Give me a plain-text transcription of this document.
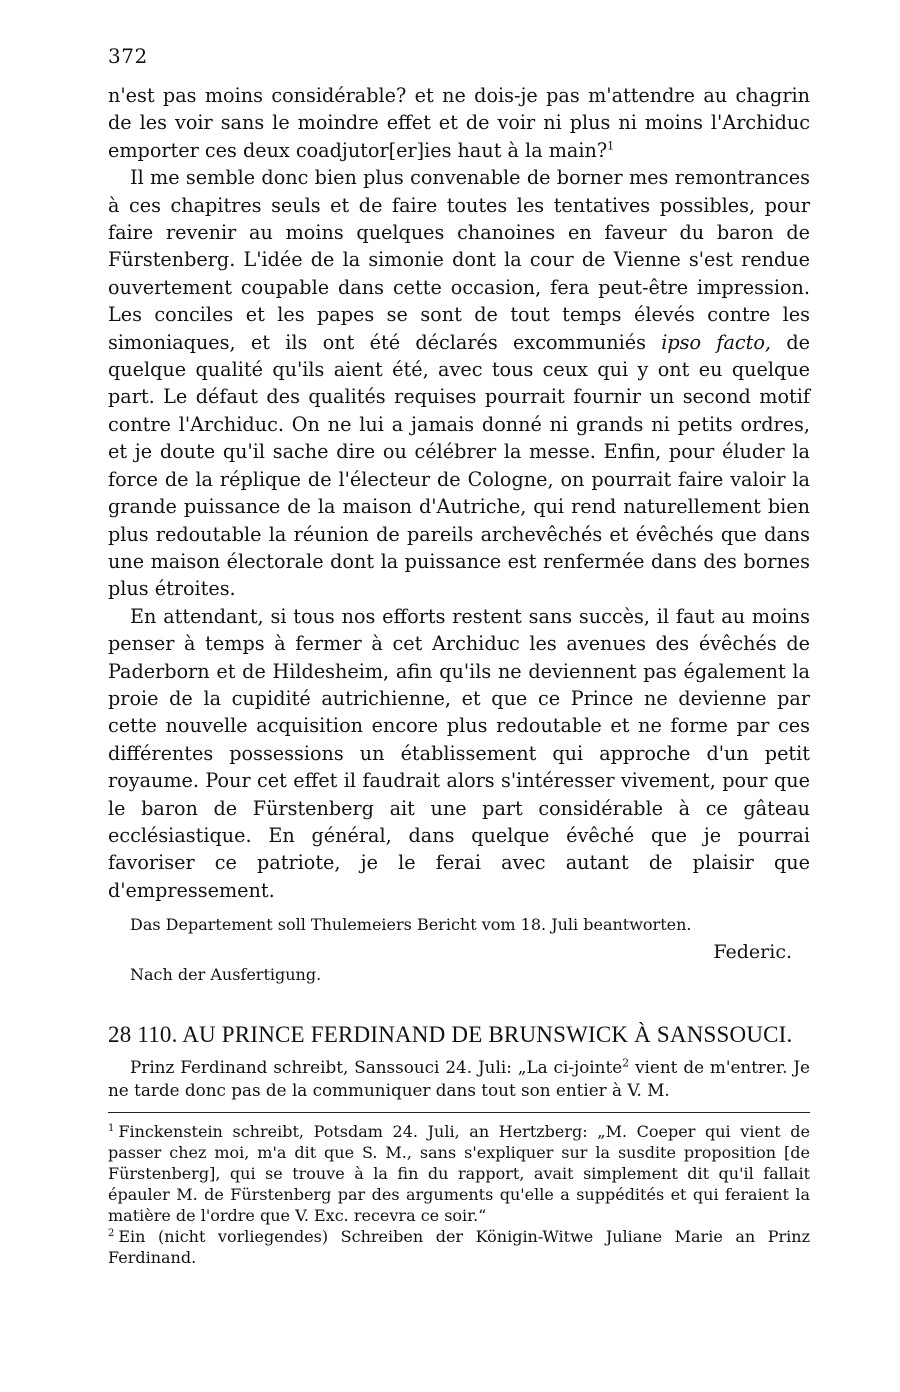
372

n'est pas moins considérable? et ne dois-je pas m'attendre au chagrin de les voir sans le moindre effet et de voir ni plus ni moins l'Archiduc emporter ces deux coadjutor[er]ies haut à la main?$^1$

Il me semble donc bien plus convenable de borner mes remontrances à ces chapitres seuls et de faire toutes les tentatives possibles, pour faire revenir au moins quelques chanoines en faveur du baron de Fürstenberg. L'idée de la simonie dont la cour de Vienne s'est rendue ouvertement coupable dans cette occasion, fera peut-être impression. Les conciles et les papes se sont de tout temps élevés contre les simoniaques, et ils ont été déclarés excommuniés ipso facto, de quelque qualité qu'ils aient été, avec tous ceux qui y ont eu quelque part. Le défaut des qualités requises pourrait fournir un second motif contre l'Archiduc. On ne lui a jamais donné ni grands ni petits ordres, et je doute qu'il sache dire ou célébrer la messe. Enfin, pour éluder la force de la réplique de l'électeur de Cologne, on pourrait faire valoir la grande puissance de la maison d'Autriche, qui rend naturellement bien plus redoutable la réunion de pareils archevêchés et évêchés que dans une maison électorale dont la puissance est renfermée dans des bornes plus étroites.

En attendant, si tous nos efforts restent sans succès, il faut au moins penser à temps à fermer à cet Archiduc les avenues des évêchés de Paderborn et de Hildesheim, afin qu'ils ne deviennent pas également la proie de la cupidité autrichienne, et que ce Prince ne devienne par cette nouvelle acquisition encore plus redoutable et ne forme par ces différentes possessions un établissement qui approche d'un petit royaume. Pour cet effet il faudrait alors s'intéresser vivement, pour que le baron de Fürstenberg ait une part considérable à ce gâteau ecclésiastique. En général, dans quelque évêché que je pourrai favoriser ce patriote, je le ferai avec autant de plaisir que d'empressement.

Das Departement soll Thulemeiers Bericht vom 18. Juli beantworten.
Federic.
Nach der Ausfertigung.
28 110. AU PRINCE FERDINAND DE BRUNSWICK À SANSSOUCI.

Prinz Ferdinand schreibt, Sanssouci 24. Juli: „La ci-jointe$^2$ vient de m'entrer. Je ne tarde donc pas de la communiquer dans tout son entier à V. M.

$^1$ Finckenstein schreibt, Potsdam 24. Juli, an Hertzberg: „M. Coeper qui vient de passer chez moi, m'a dit que S. M., sans s'expliquer sur la susdite proposition [de Fürstenberg], qui se trouve à la fin du rapport, avait simplement dit qu'il fallait épauler M. de Fürstenberg par des arguments qu'elle a suppédités et qui feraient la matière de l'ordre que V. Exc. recevra ce soir.“

$^2$ Ein (nicht vorliegendes) Schreiben der Königin-Witwe Juliane Marie an Prinz Ferdinand.
